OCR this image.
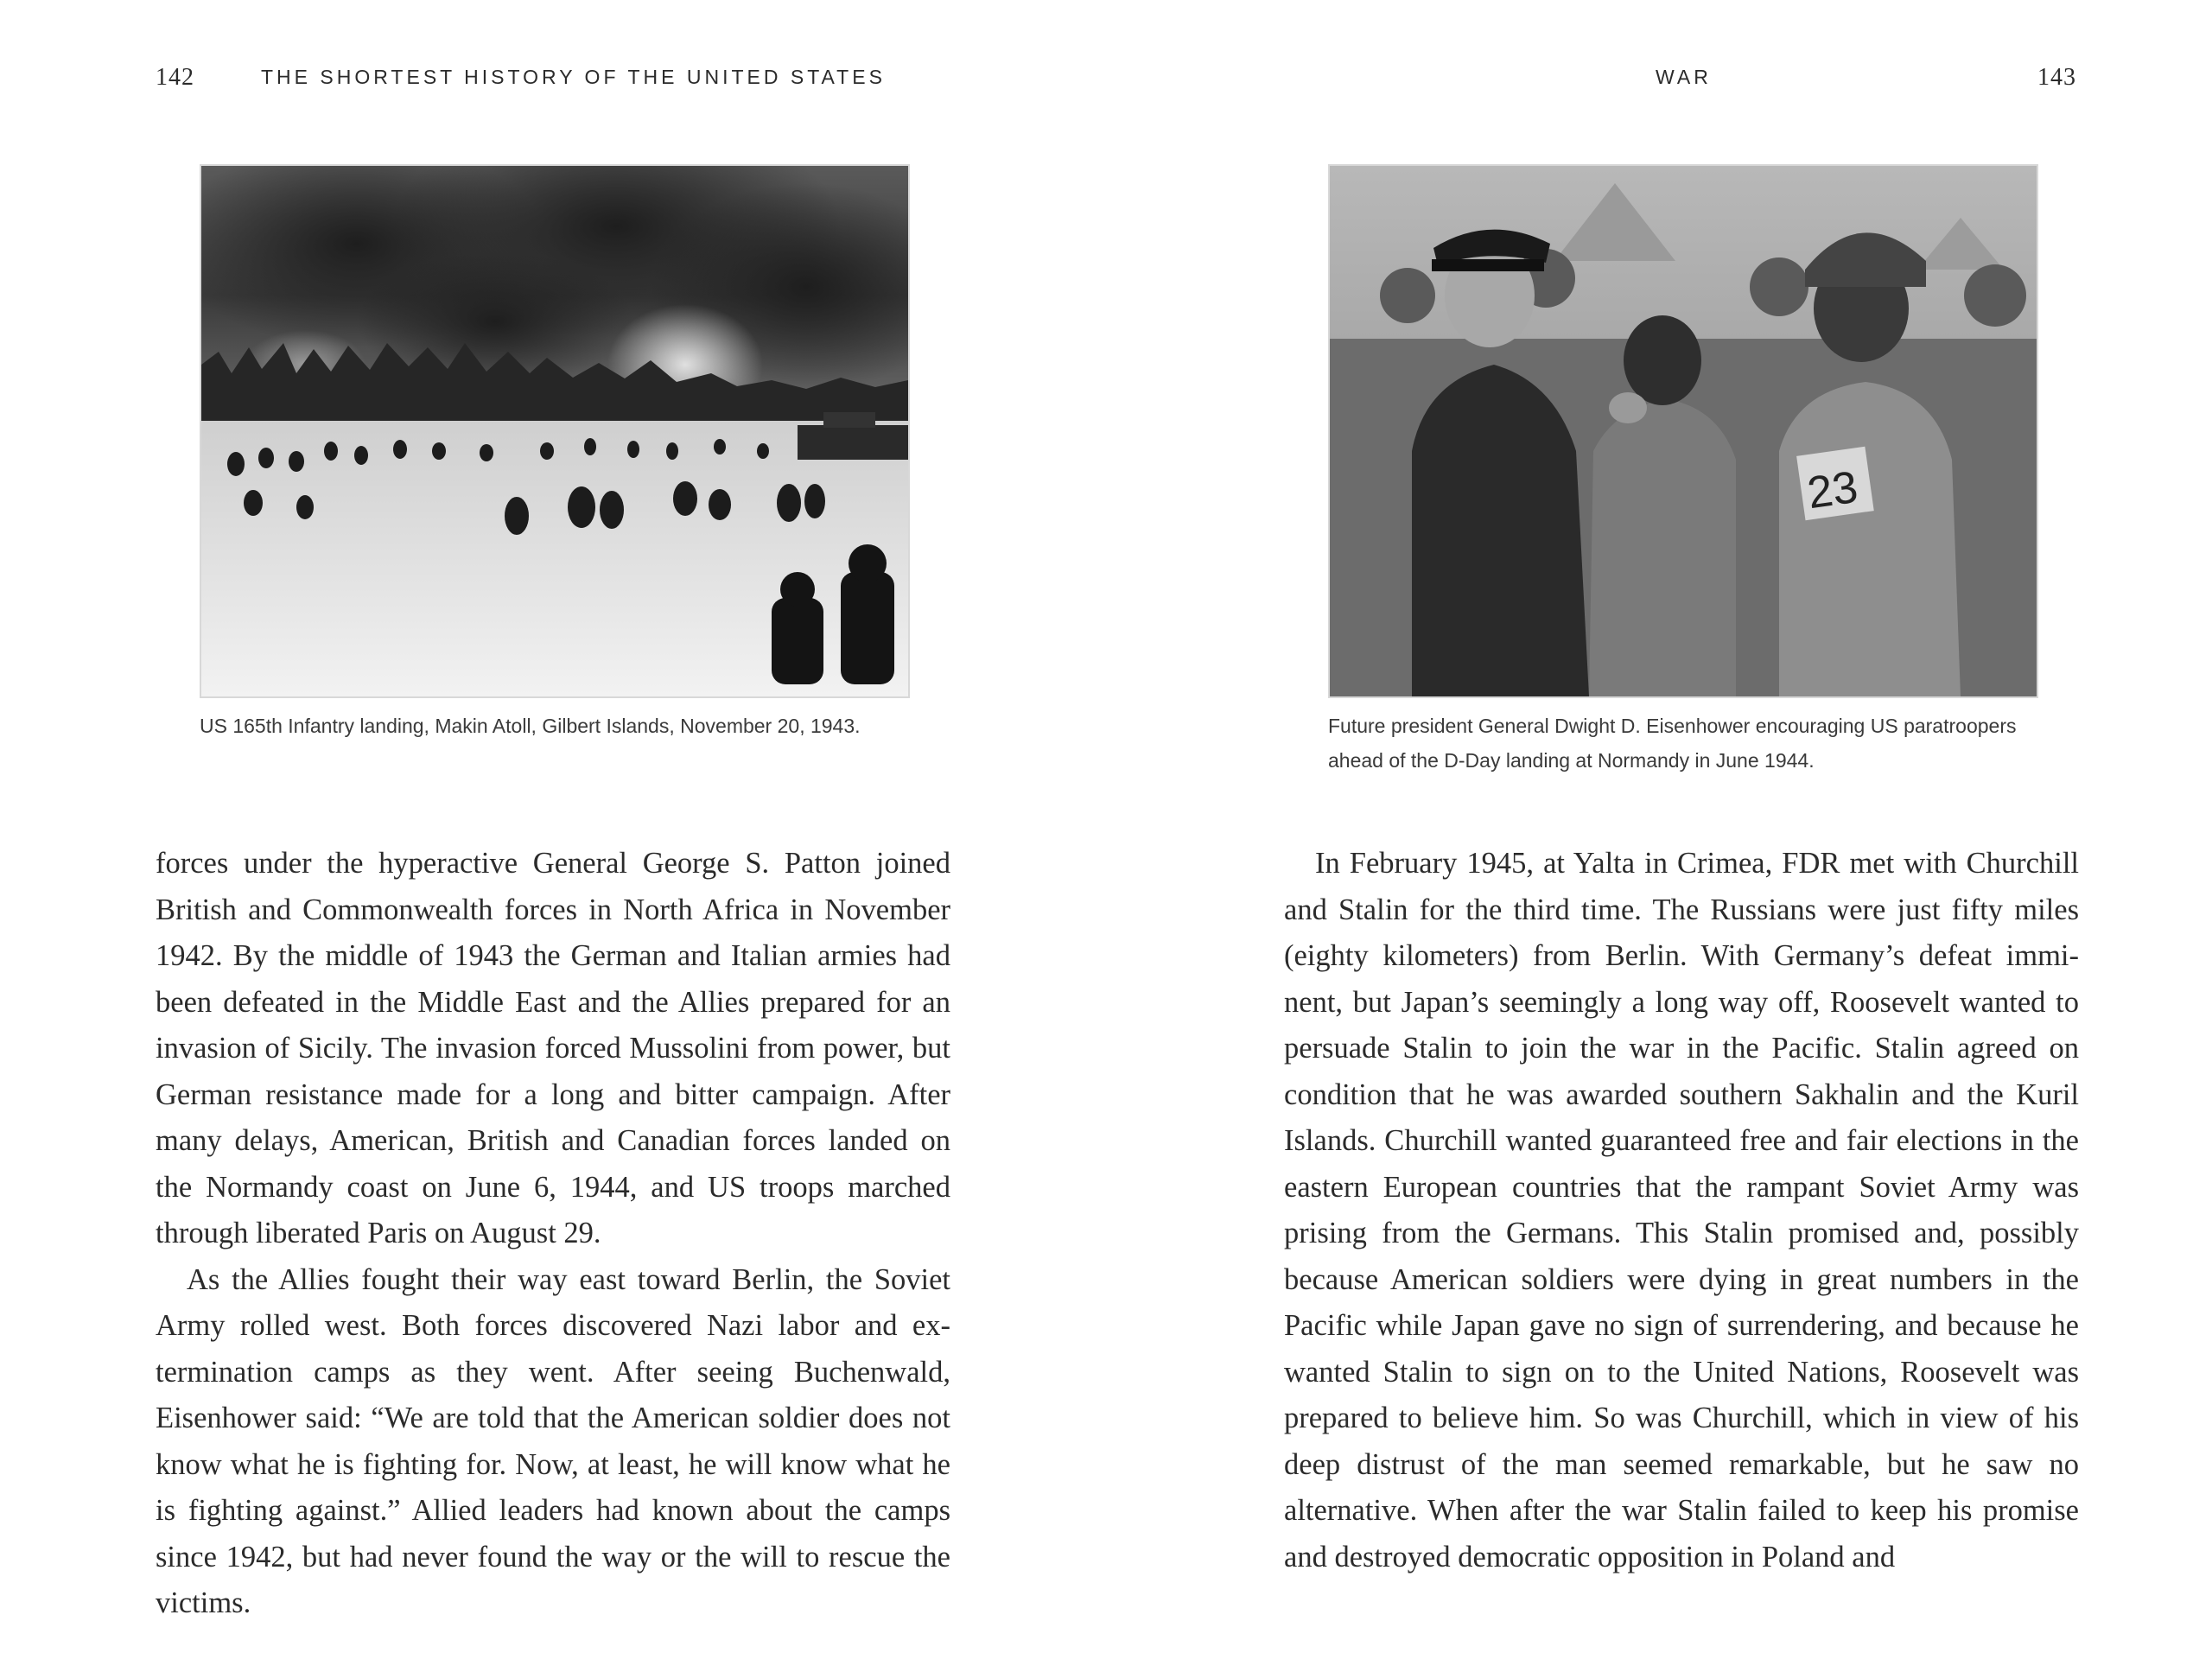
142	THE SHORTEST HISTORY OF THE UNITED STATES
US 165th Infantry landing, Makin Atoll, Gilbert Islands, November 20, 1943.

forces under the hyperactive General George S. Patton joined British and Commonwealth forces in North Africa in November 1942. By the middle of 1943 the German and Italian armies had been defeated in the Middle East and the Allies prepared for an invasion of Sicily. The invasion forced Mussolini from power, but German resistance made for a long and bitter campaign. After many delays, American, British and Canadian forces landed on the Normandy coast on June 6, 1944, and US troops marched through liberated Paris on August 29.

As the Allies fought their way east toward Berlin, the Soviet Army rolled west. Both forces discovered Nazi labor and extermination camps as they went. After seeing Buchenwald, Eisenhower said: “We are told that the American soldier does not know what he is fighting for. Now, at least, he will know what he is fighting against.” Allied leaders had known about the camps since 1942, but had never found the way or the will to rescue the victims.

WAR	143
23
Future president General Dwight D. Eisenhower encouraging US paratroopers ahead of the D-Day landing at Normandy in June 1944.

In February 1945, at Yalta in Crimea, FDR met with Churchill and Stalin for the third time. The Russians were just fifty miles (eighty kilometers) from Berlin. With Germany’s defeat imminent, but Japan’s seemingly a long way off, Roosevelt wanted to persuade Stalin to join the war in the Pacific. Stalin agreed on condition that he was awarded southern Sakhalin and the Kuril Islands. Churchill wanted guaranteed free and fair elections in the eastern European countries that the rampant Soviet Army was prising from the Germans. This Stalin promised and, possibly because American soldiers were dying in great numbers in the Pacific while Japan gave no sign of surrendering, and because he wanted Stalin to sign on to the United Nations, Roosevelt was prepared to believe him. So was Churchill, which in view of his deep distrust of the man seemed remarkable, but he saw no alternative. When after the war Stalin failed to keep his promise and destroyed democratic opposition in Poland and
